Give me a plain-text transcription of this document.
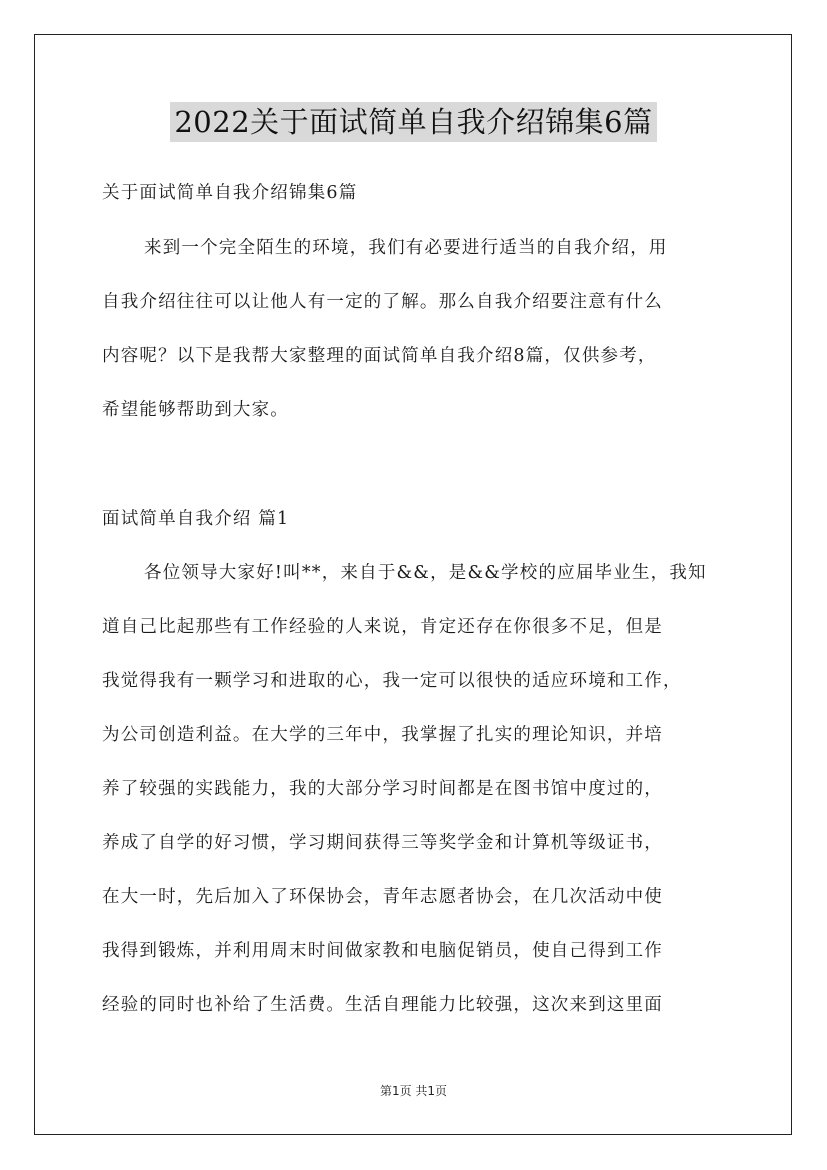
2022关于面试简单自我介绍锦集6篇
关于面试简单自我介绍锦集6篇
来到一个完全陌生的环境，我们有必要进行适当的自我介绍，用
自我介绍往往可以让他人有一定的了解。那么自我介绍要注意有什么
内容呢？以下是我帮大家整理的面试简单自我介绍8篇，仅供参考，
希望能够帮助到大家。
面试简单自我介绍 篇1
各位领导大家好!叫**，来自于&&，是&&学校的应届毕业生，我知
道自己比起那些有工作经验的人来说，肯定还存在你很多不足，但是
我觉得我有一颗学习和进取的心，我一定可以很快的适应环境和工作，
为公司创造利益。在大学的三年中，我掌握了扎实的理论知识，并培
养了较强的实践能力，我的大部分学习时间都是在图书馆中度过的，
养成了自学的好习惯，学习期间获得三等奖学金和计算机等级证书，
在大一时，先后加入了环保协会，青年志愿者协会，在几次活动中使
我得到锻炼，并利用周末时间做家教和电脑促销员，使自己得到工作
经验的同时也补给了生活费。生活自理能力比较强，这次来到这里面
第1页 共1页
